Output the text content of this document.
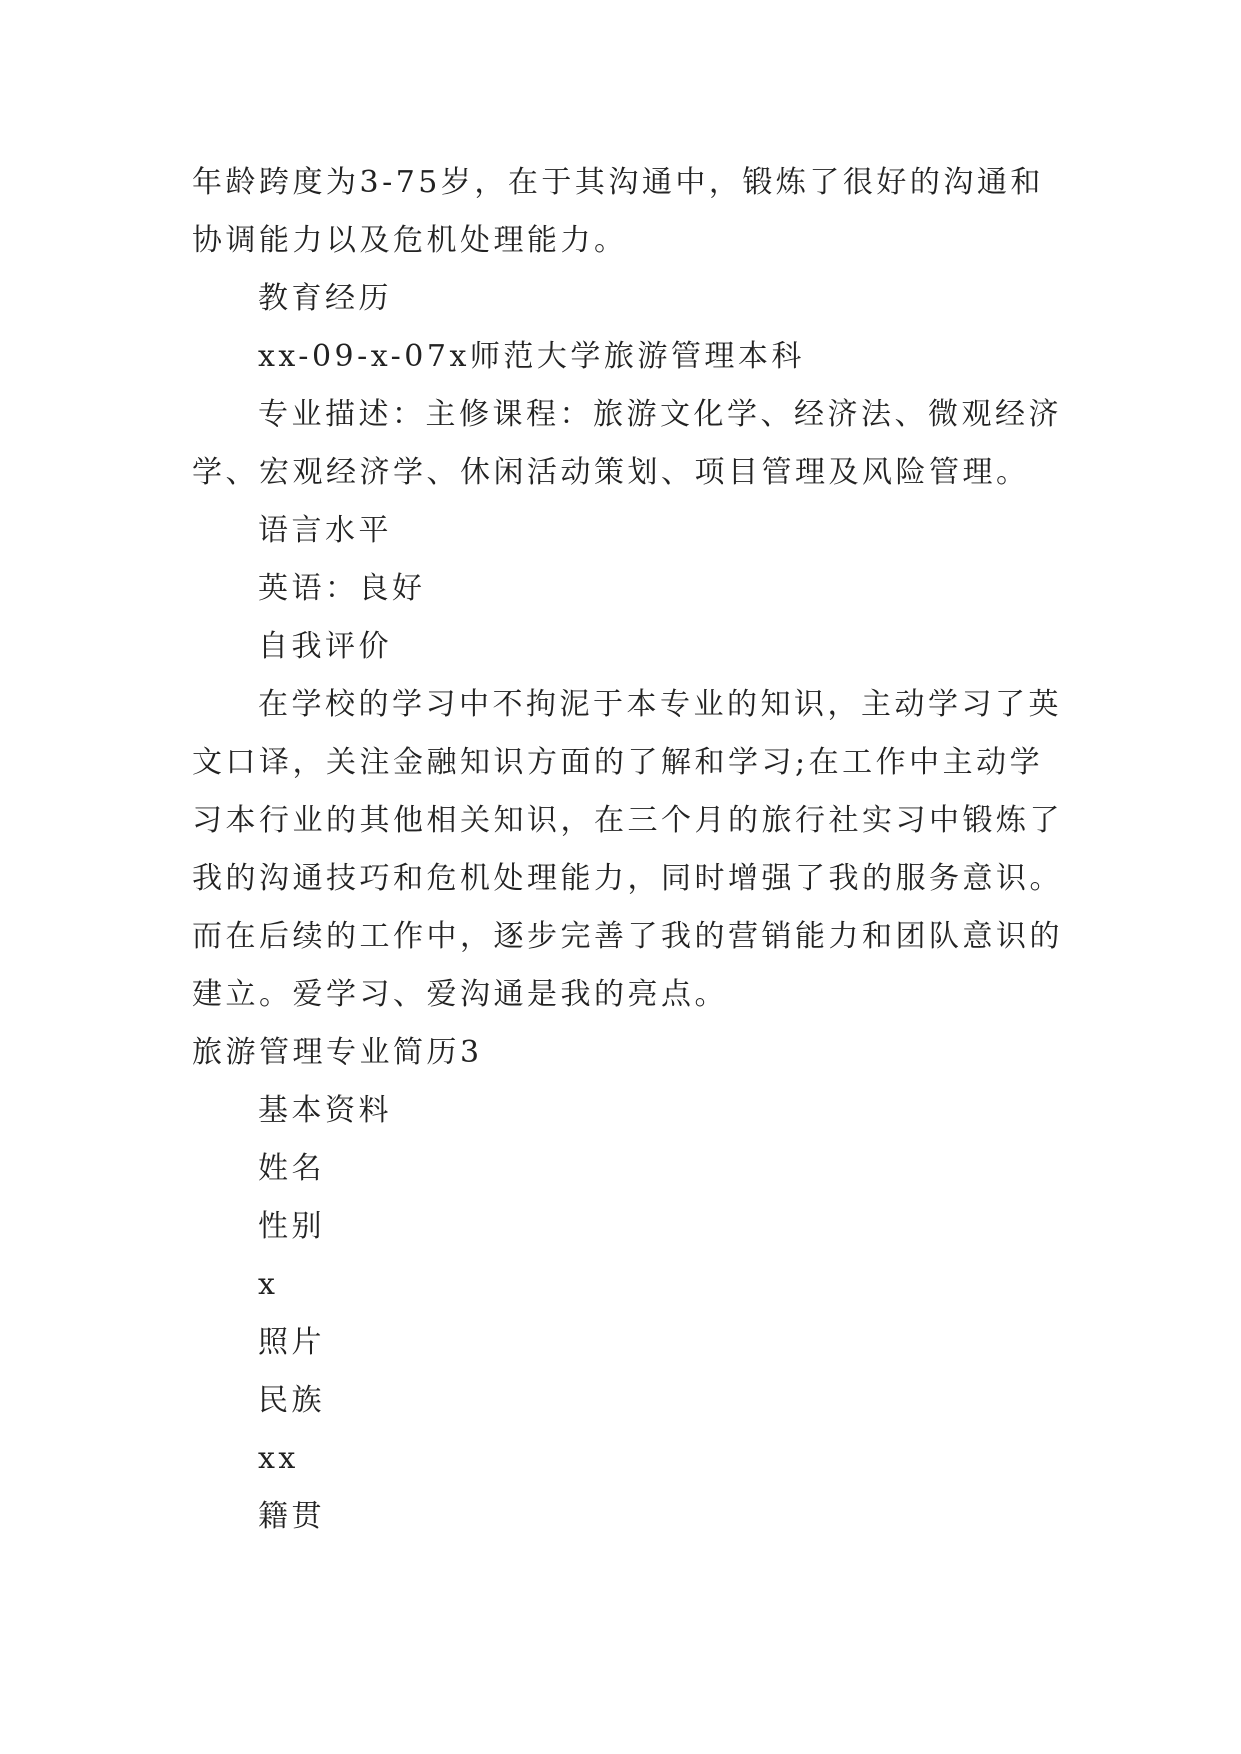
年龄跨度为3-75岁，在于其沟通中，锻炼了很好的沟通和
协调能力以及危机处理能力。
教育经历
xx-09-x-07x师范大学旅游管理本科
专业描述：主修课程：旅游文化学、经济法、微观经济
学、宏观经济学、休闲活动策划、项目管理及风险管理。
语言水平
英语：良好
自我评价
在学校的学习中不拘泥于本专业的知识，主动学习了英
文口译，关注金融知识方面的了解和学习;在工作中主动学
习本行业的其他相关知识，在三个月的旅行社实习中锻炼了
我的沟通技巧和危机处理能力，同时增强了我的服务意识。
而在后续的工作中，逐步完善了我的营销能力和团队意识的
建立。爱学习、爱沟通是我的亮点。
旅游管理专业简历3
基本资料
姓名
性别
x
照片
民族
xx
籍贯
